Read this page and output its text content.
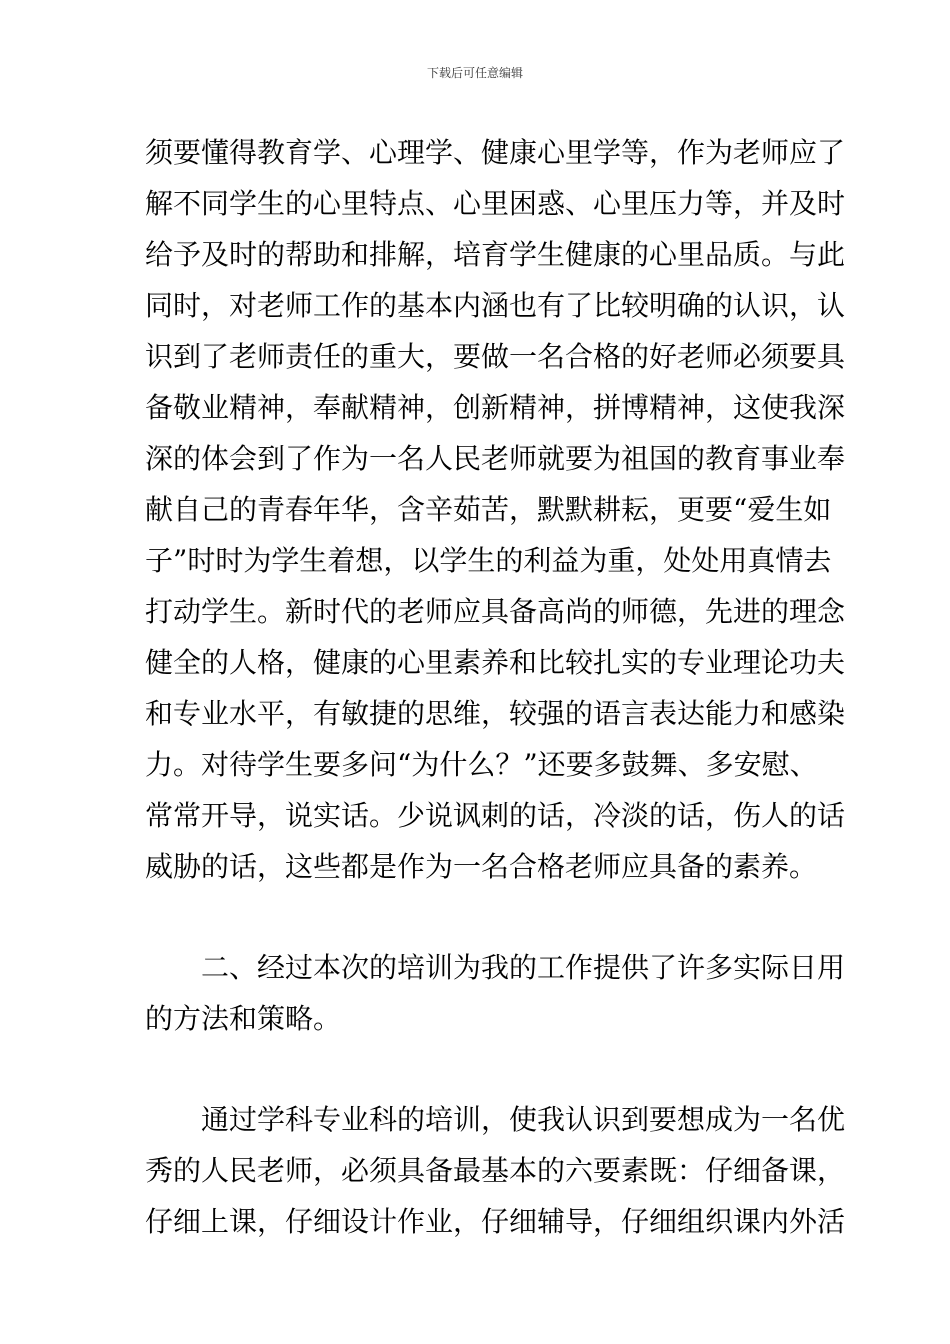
下载后可任意编辑
须要懂得教育学、心理学、健康心里学等，作为老师应了
解不同学生的心里特点、心里困惑、心里压力等，并及时
给予及时的帮助和排解，培育学生健康的心里品质。与此
同时，对老师工作的基本内涵也有了比较明确的认识，认
识到了老师责任的重大，要做一名合格的好老师必须要具
备敬业精神，奉献精神，创新精神，拼博精神，这使我深
深的体会到了作为一名人民老师就要为祖国的教育事业奉
献自己的青春年华，含辛茹苦，默默耕耘，更要“爱生如
子”时时为学生着想，以学生的利益为重，处处用真情去
打动学生。新时代的老师应具备高尚的师德，先进的理念
健全的人格，健康的心里素养和比较扎实的专业理论功夫
和专业水平，有敏捷的思维，较强的语言表达能力和感染
力。对待学生要多问“为什么？”还要多鼓舞、多安慰、
常常开导，说实话。少说讽刺的话，冷淡的话，伤人的话
威胁的话，这些都是作为一名合格老师应具备的素养。
二、经过本次的培训为我的工作提供了许多实际日用
的方法和策略。
通过学科专业科的培训，使我认识到要想成为一名优
秀的人民老师，必须具备最基本的六要素既：仔细备课，
仔细上课，仔细设计作业，仔细辅导，仔细组织课内外活
